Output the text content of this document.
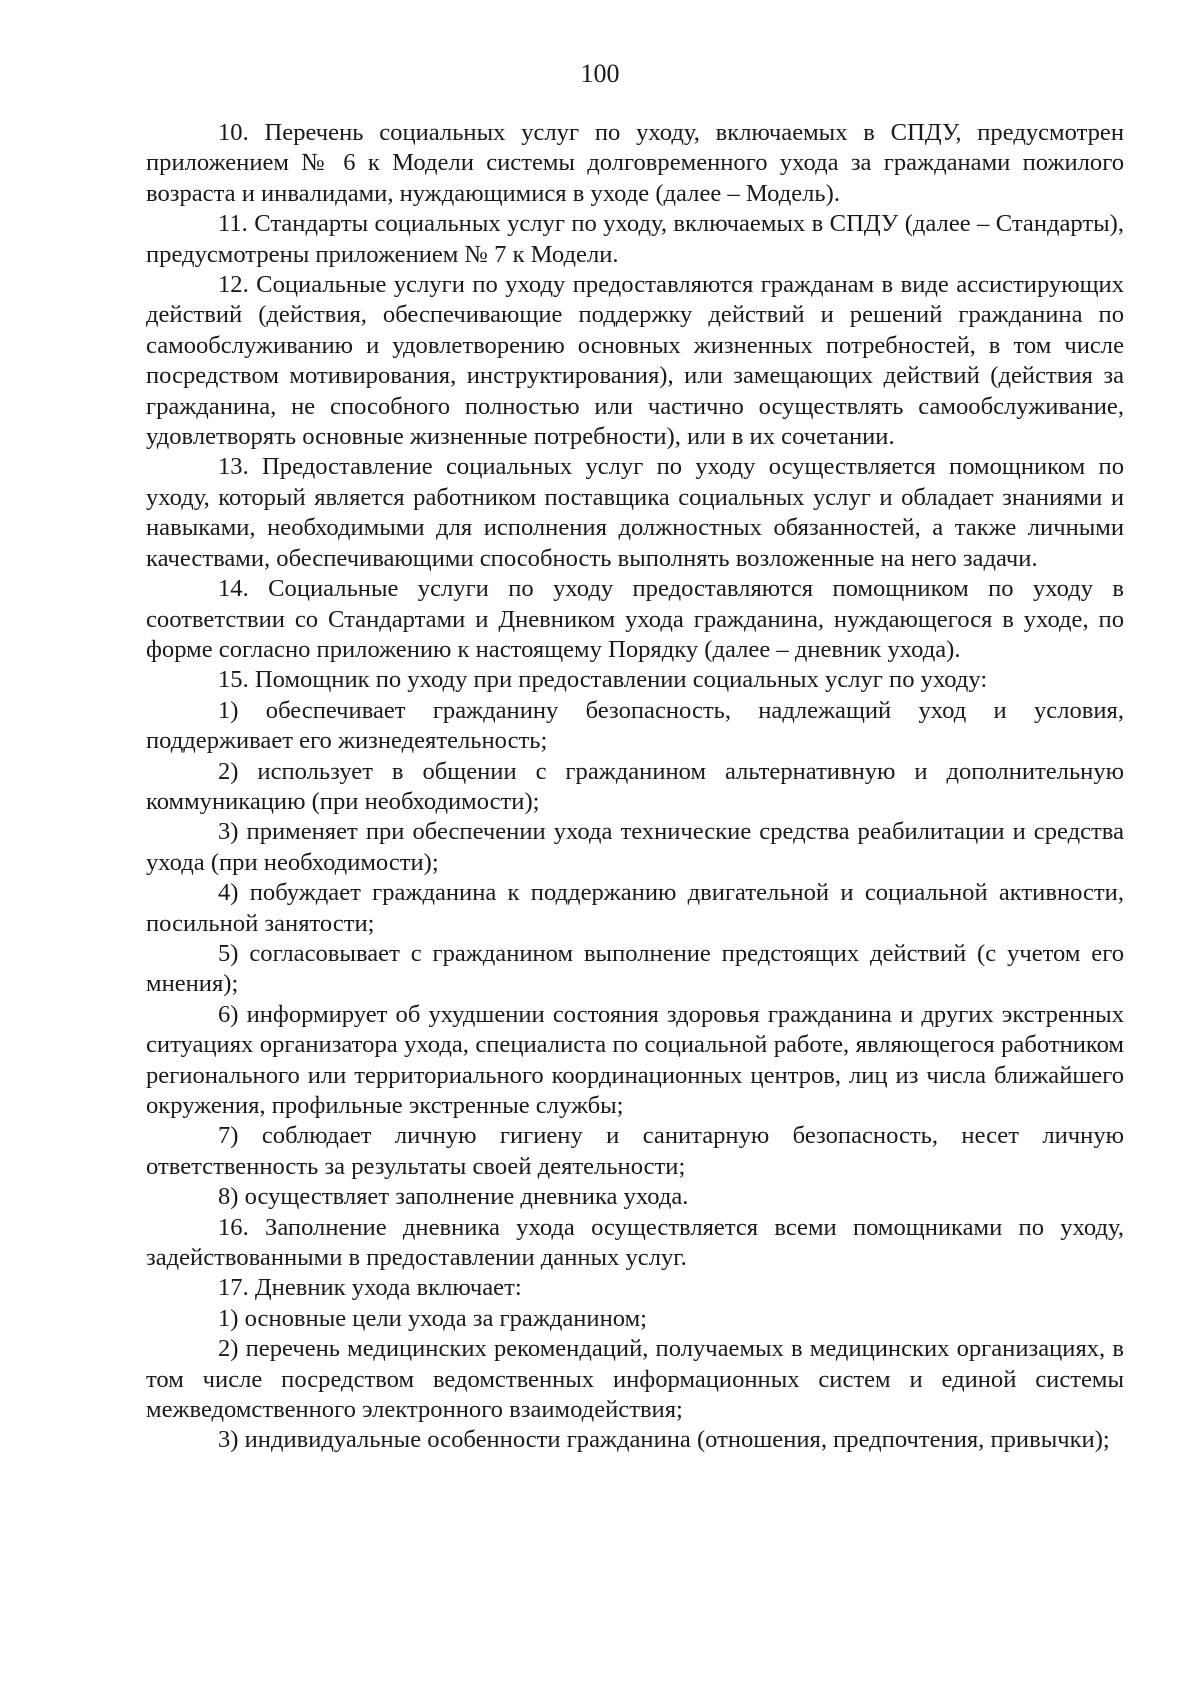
100

10. Перечень социальных услуг по уходу, включаемых в СПДУ, предусмотрен приложением № 6 к Модели системы долговременного ухода за гражданами пожилого возраста и инвалидами, нуждающимися в уходе (далее – Модель).

11. Стандарты социальных услуг по уходу, включаемых в СПДУ (далее – Стандарты), предусмотрены приложением № 7 к Модели.

12. Социальные услуги по уходу предоставляются гражданам в виде ассистирующих действий (действия, обеспечивающие поддержку действий и решений гражданина по самообслуживанию и удовлетворению основных жизненных потребностей, в том числе посредством мотивирования, инструктирования), или замещающих действий (действия за гражданина, не способного полностью или частично осуществлять самообслуживание, удовлетворять основные жизненные потребности), или в их сочетании.

13. Предоставление социальных услуг по уходу осуществляется помощником по уходу, который является работником поставщика социальных услуг и обладает знаниями и навыками, необходимыми для исполнения должностных обязанностей, а также личными качествами, обеспечивающими способность выполнять возложенные на него задачи.

14. Социальные услуги по уходу предоставляются помощником по уходу в соответствии со Стандартами и Дневником ухода гражданина, нуждающегося в уходе, по форме согласно приложению к настоящему Порядку (далее – дневник ухода).

15. Помощник по уходу при предоставлении социальных услуг по уходу:

1) обеспечивает гражданину безопасность, надлежащий уход и условия, поддерживает его жизнедеятельность;

2) использует в общении с гражданином альтернативную и дополнительную коммуникацию (при необходимости);

3) применяет при обеспечении ухода технические средства реабилитации и средства ухода (при необходимости);

4) побуждает гражданина к поддержанию двигательной и социальной активности, посильной занятости;

5) согласовывает с гражданином выполнение предстоящих действий (с учетом его мнения);

6) информирует об ухудшении состояния здоровья гражданина и других экстренных ситуациях организатора ухода, специалиста по социальной работе, являющегося работником регионального или территориального координационных центров, лиц из числа ближайшего окружения, профильные экстренные службы;

7) соблюдает личную гигиену и санитарную безопасность, несет личную ответственность за результаты своей деятельности;

8) осуществляет заполнение дневника ухода.

16. Заполнение дневника ухода осуществляется всеми помощниками по уходу, задействованными в предоставлении данных услуг.

17. Дневник ухода включает:

1) основные цели ухода за гражданином;

2) перечень медицинских рекомендаций, получаемых в медицинских организациях, в том числе посредством ведомственных информационных систем и единой системы межведомственного электронного взаимодействия;

3) индивидуальные особенности гражданина (отношения, предпочтения, привычки);
